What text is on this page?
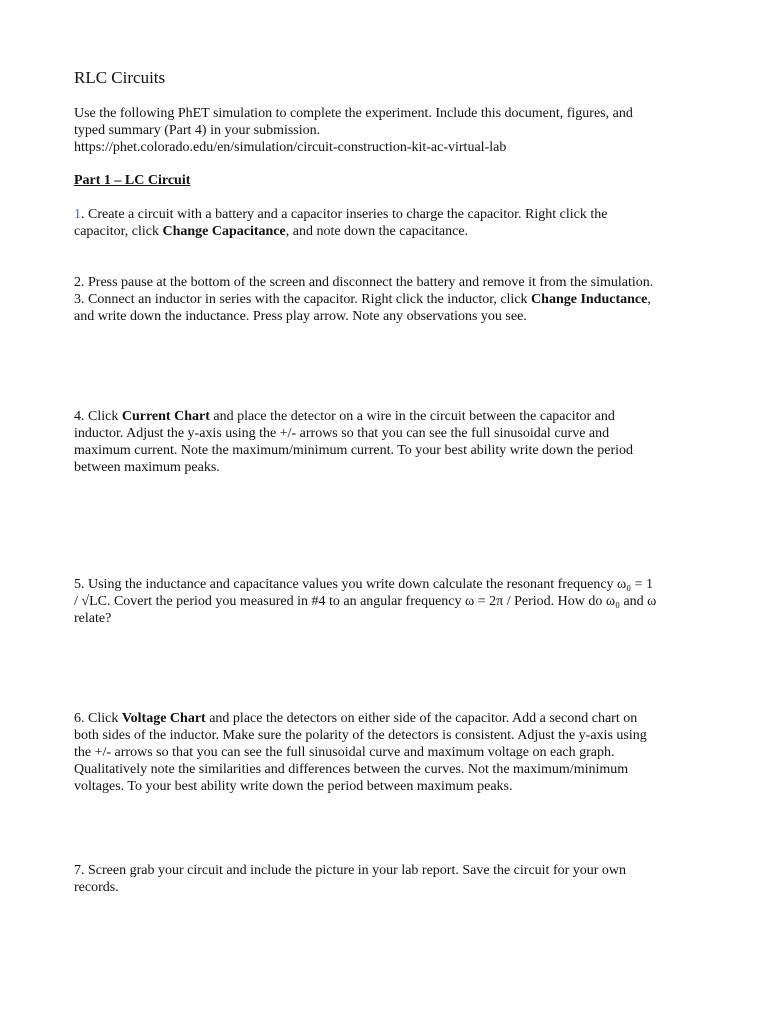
RLC Circuits

Use the following PhET simulation to complete the experiment. Include this document, figures, and
typed summary (Part 4) in your submission.
https://phet.colorado.edu/en/simulation/circuit-construction-kit-ac-virtual-lab

Part 1 – LC Circuit

1. Create a circuit with a battery and a capacitor inseries to charge the capacitor. Right click the
capacitor, click Change Capacitance, and note down the capacitance.

2. Press pause at the bottom of the screen and disconnect the battery and remove it from the simulation.
3. Connect an inductor in series with the capacitor. Right click the inductor, click Change Inductance,
and write down the inductance. Press play arrow. Note any observations you see.

4. Click Current Chart and place the detector on a wire in the circuit between the capacitor and
inductor. Adjust the y-axis using the +/- arrows so that you can see the full sinusoidal curve and
maximum current. Note the maximum/minimum current. To your best ability write down the period
between maximum peaks.

5. Using the inductance and capacitance values you write down calculate the resonant frequency ω₀ = 1
/ √LC. Covert the period you measured in #4 to an angular frequency ω = 2π / Period. How do ω₀ and ω
relate?

6. Click Voltage Chart and place the detectors on either side of the capacitor. Add a second chart on
both sides of the inductor. Make sure the polarity of the detectors is consistent. Adjust the y-axis using
the +/- arrows so that you can see the full sinusoidal curve and maximum voltage on each graph.
Qualitatively note the similarities and differences between the curves. Not the maximum/minimum
voltages. To your best ability write down the period between maximum peaks.

7. Screen grab your circuit and include the picture in your lab report. Save the circuit for your own
records.
